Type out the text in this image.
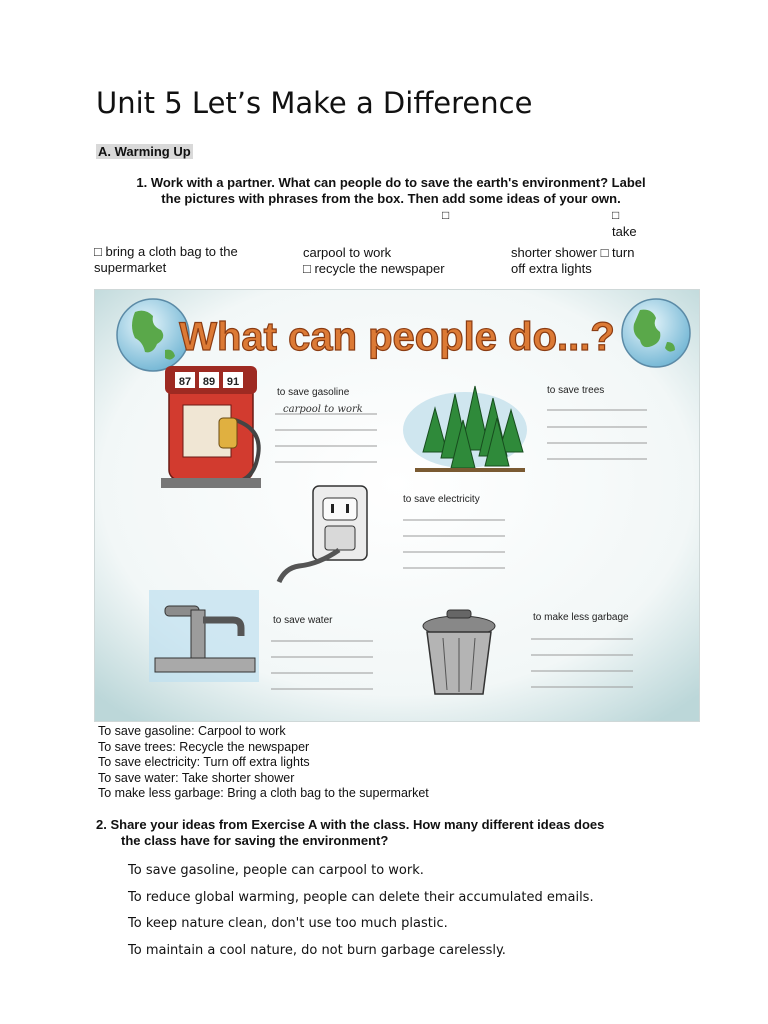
Unit 5 Let’s Make a Difference
A. Warming Up
1. Work with a partner. What can people do to save the earth's environment? Label
the pictures with phrases from the box. Then add some ideas of your own.
□	□
take
□ bring a cloth bag to the
supermarket
carpool to work
□ recycle the newspaper
shorter shower □ turn
off extra lights
What can people do...?
87 89 91
to save gasoline
carpool to work
to save trees
to save electricity
to save water	to make less garbage
To save gasoline: Carpool to work
To save trees: Recycle the newspaper
To save electricity: Turn off extra lights
To save water: Take shorter shower
To make less garbage: Bring a cloth bag to the supermarket
2. Share your ideas from Exercise A with the class. How many different ideas does
the class have for saving the environment?
To save gasoline, people can carpool to work.
To reduce global warming, people can delete their accumulated emails.
To keep nature clean, don't use too much plastic.
To maintain a cool nature, do not burn garbage carelessly.
